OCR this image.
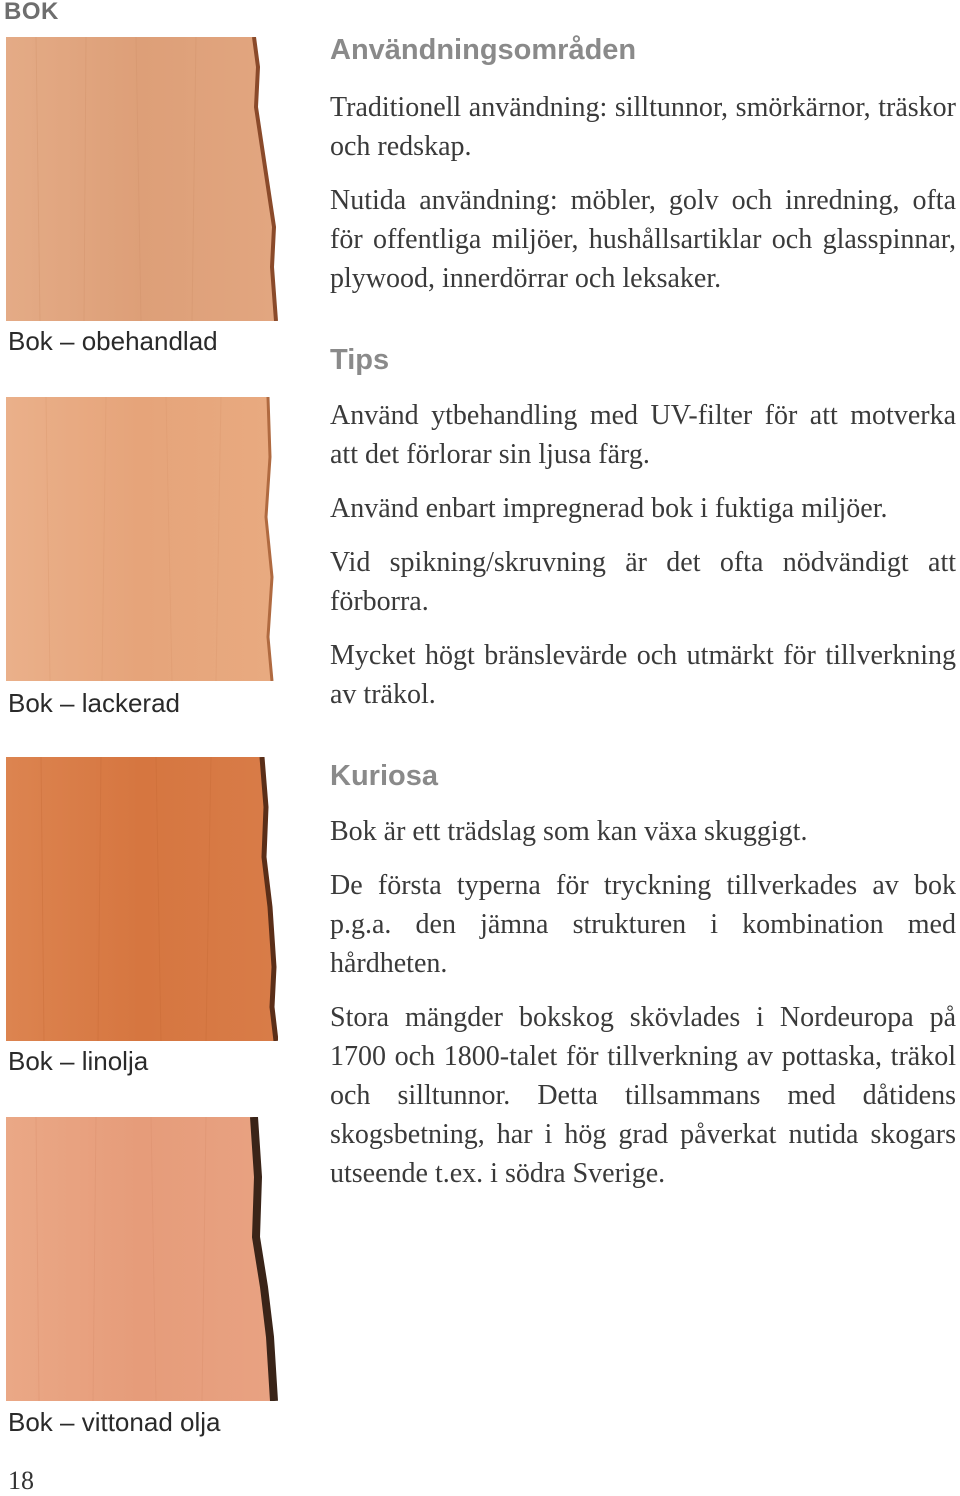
BOK
Bok – obehandlad
Bok – lackerad
Bok – linolja
Bok – vittonad olja
Användningsområden

Traditionell användning: silltunnor, smörkärnor, träskor och redskap.

Nutida användning: möbler, golv och inredning, ofta för offentliga miljöer, hushållsartiklar och glasspinnar, plywood, innerdörrar och leksaker.

Tips

Använd ytbehandling med UV-filter för att motverka att det förlorar sin ljusa färg.

Använd enbart impregnerad bok i fuktiga miljöer.

Vid spikning/skruvning är det ofta nödvändigt att förborra.

Mycket högt bränslevärde och utmärkt för tillverkning av träkol.

Kuriosa

Bok är ett trädslag som kan växa skuggigt.

De första typerna för tryckning tillverkades av bok p.g.a. den jämna strukturen i kombination med hårdheten.

Stora mängder bokskog skövlades i Nordeuropa på 1700 och 1800-talet för tillverkning av pottaska, träkol och silltunnor. Detta tillsammans med dåtidens skogsbetning, har i hög grad påverkat nutida skogars utseende t.ex. i södra Sverige.

18
